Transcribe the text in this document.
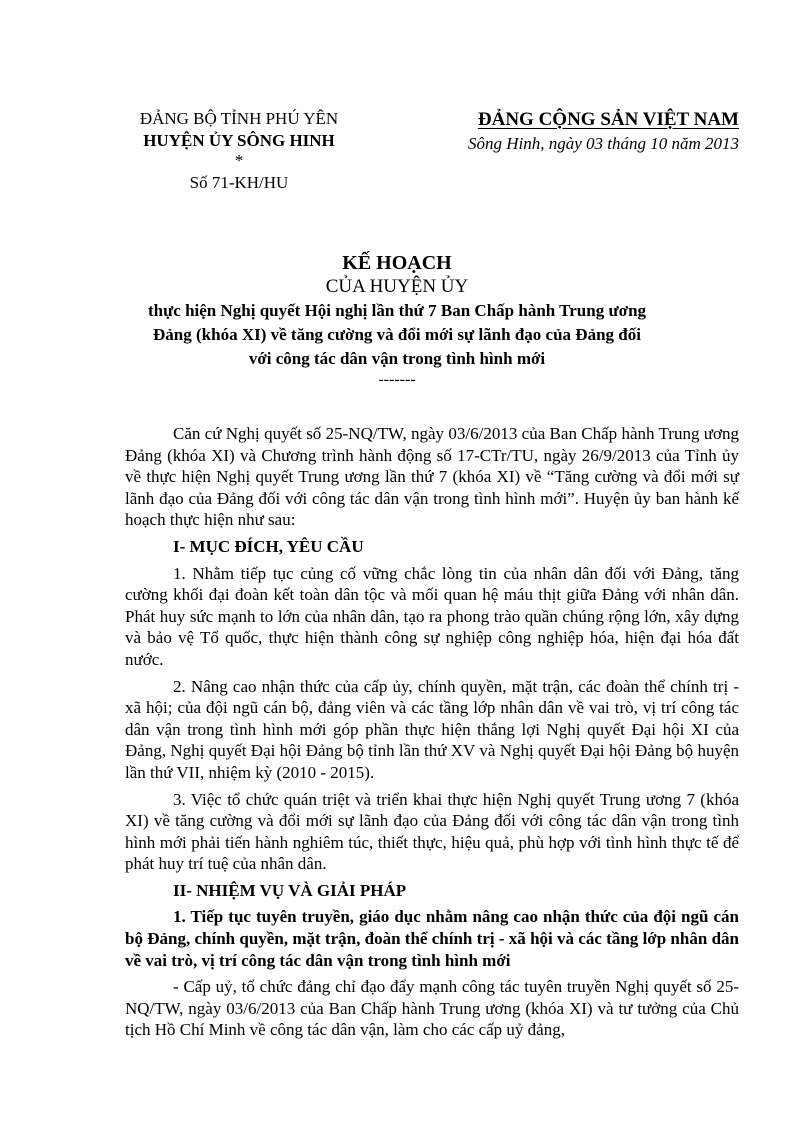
ĐẢNG BỘ TỈNH PHÚ YÊN
HUYỆN ỦY SÔNG HINH
*
Số 71-KH/HU
ĐẢNG CỘNG SẢN VIỆT NAM
Sông Hinh, ngày 03 tháng 10 năm 2013
KẾ HOẠCH
CỦA HUYỆN ỦY
thực hiện Nghị quyết Hội nghị lần thứ 7 Ban Chấp hành Trung ương
Đảng (khóa XI) về tăng cường và đổi mới sự lãnh đạo của Đảng đối
với công tác dân vận trong tình hình mới
-------

Căn cứ Nghị quyết số 25-NQ/TW, ngày 03/6/2013 của Ban Chấp hành Trung ương Đảng (khóa XI) và Chương trình hành động số 17-CTr/TU, ngày 26/9/2013 của Tỉnh ủy về thực hiện Nghị quyết Trung ương lần thứ 7 (khóa XI) về “Tăng cường và đổi mới sự lãnh đạo của Đảng đối với công tác dân vận trong tình hình mới”. Huyện ủy ban hành kế hoạch thực hiện như sau:

I- MỤC ĐÍCH, YÊU CẦU

1. Nhằm tiếp tục củng cố vững chắc lòng tin của nhân dân đối với Đảng, tăng cường khối đại đoàn kết toàn dân tộc và mối quan hệ máu thịt giữa Đảng với nhân dân. Phát huy sức mạnh to lớn của nhân dân, tạo ra phong trào quần chúng rộng lớn, xây dựng và bảo vệ Tổ quốc, thực hiện thành công sự nghiệp công nghiệp hóa, hiện đại hóa đất nước.

2. Nâng cao nhận thức của cấp ủy, chính quyền, mặt trận, các đoàn thể chính trị - xã hội; của đội ngũ cán bộ, đảng viên và các tầng lớp nhân dân về vai trò, vị trí công tác dân vận trong tình hình mới góp phần thực hiện thắng lợi Nghị quyết Đại hội XI của Đảng, Nghị quyết Đại hội Đảng bộ tỉnh lần thứ XV và Nghị quyết Đại hội Đảng bộ huyện lần thứ VII, nhiệm kỳ (2010 - 2015).

3. Việc tổ chức quán triệt và triển khai thực hiện Nghị quyết Trung ương 7 (khóa XI) về tăng cường và đổi mới sự lãnh đạo của Đảng đối với công tác dân vận trong tình hình mới phải tiến hành nghiêm túc, thiết thực, hiệu quả, phù hợp với tình hình thực tế để phát huy trí tuệ của nhân dân.

II- NHIỆM VỤ VÀ GIẢI PHÁP

1. Tiếp tục tuyên truyền, giáo dục nhằm nâng cao nhận thức của đội ngũ cán bộ Đảng, chính quyền, mặt trận, đoàn thể chính trị - xã hội và các tầng lớp nhân dân về vai trò, vị trí công tác dân vận trong tình hình mới

- Cấp uỷ, tổ chức đảng chỉ đạo đẩy mạnh công tác tuyên truyền Nghị quyết số 25-NQ/TW, ngày 03/6/2013 của Ban Chấp hành Trung ương (khóa XI) và tư tưởng của Chủ tịch Hồ Chí Minh về công tác dân vận, làm cho các cấp uỷ đảng,
